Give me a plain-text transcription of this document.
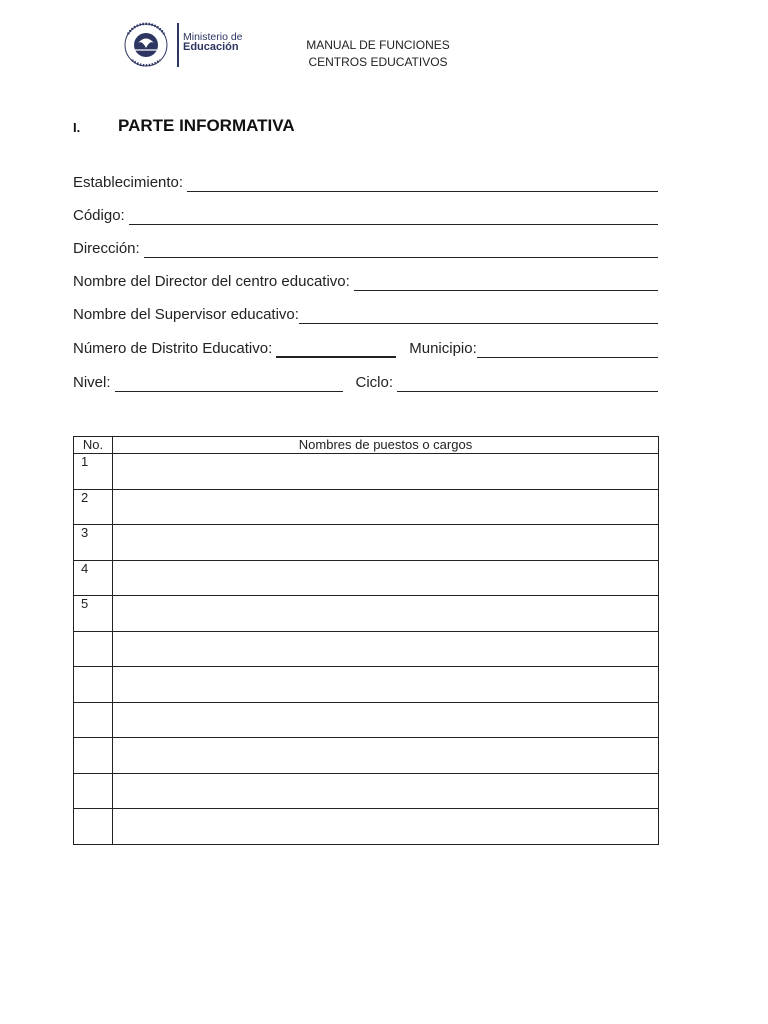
Ministerio de
Educación	MANUAL DE FUNCIONES
CENTROS EDUCATIVOS
I. PARTE INFORMATIVA
Establecimiento:
Código:
Dirección:
Nombre del Director del centro educativo:
Nombre del Supervisor educativo:
Número de Distrito Educativo:	Municipio:
Nivel:	Ciclo:
No.	Nombres de puestos o cargos
1	
2	
3	
4	
5	
